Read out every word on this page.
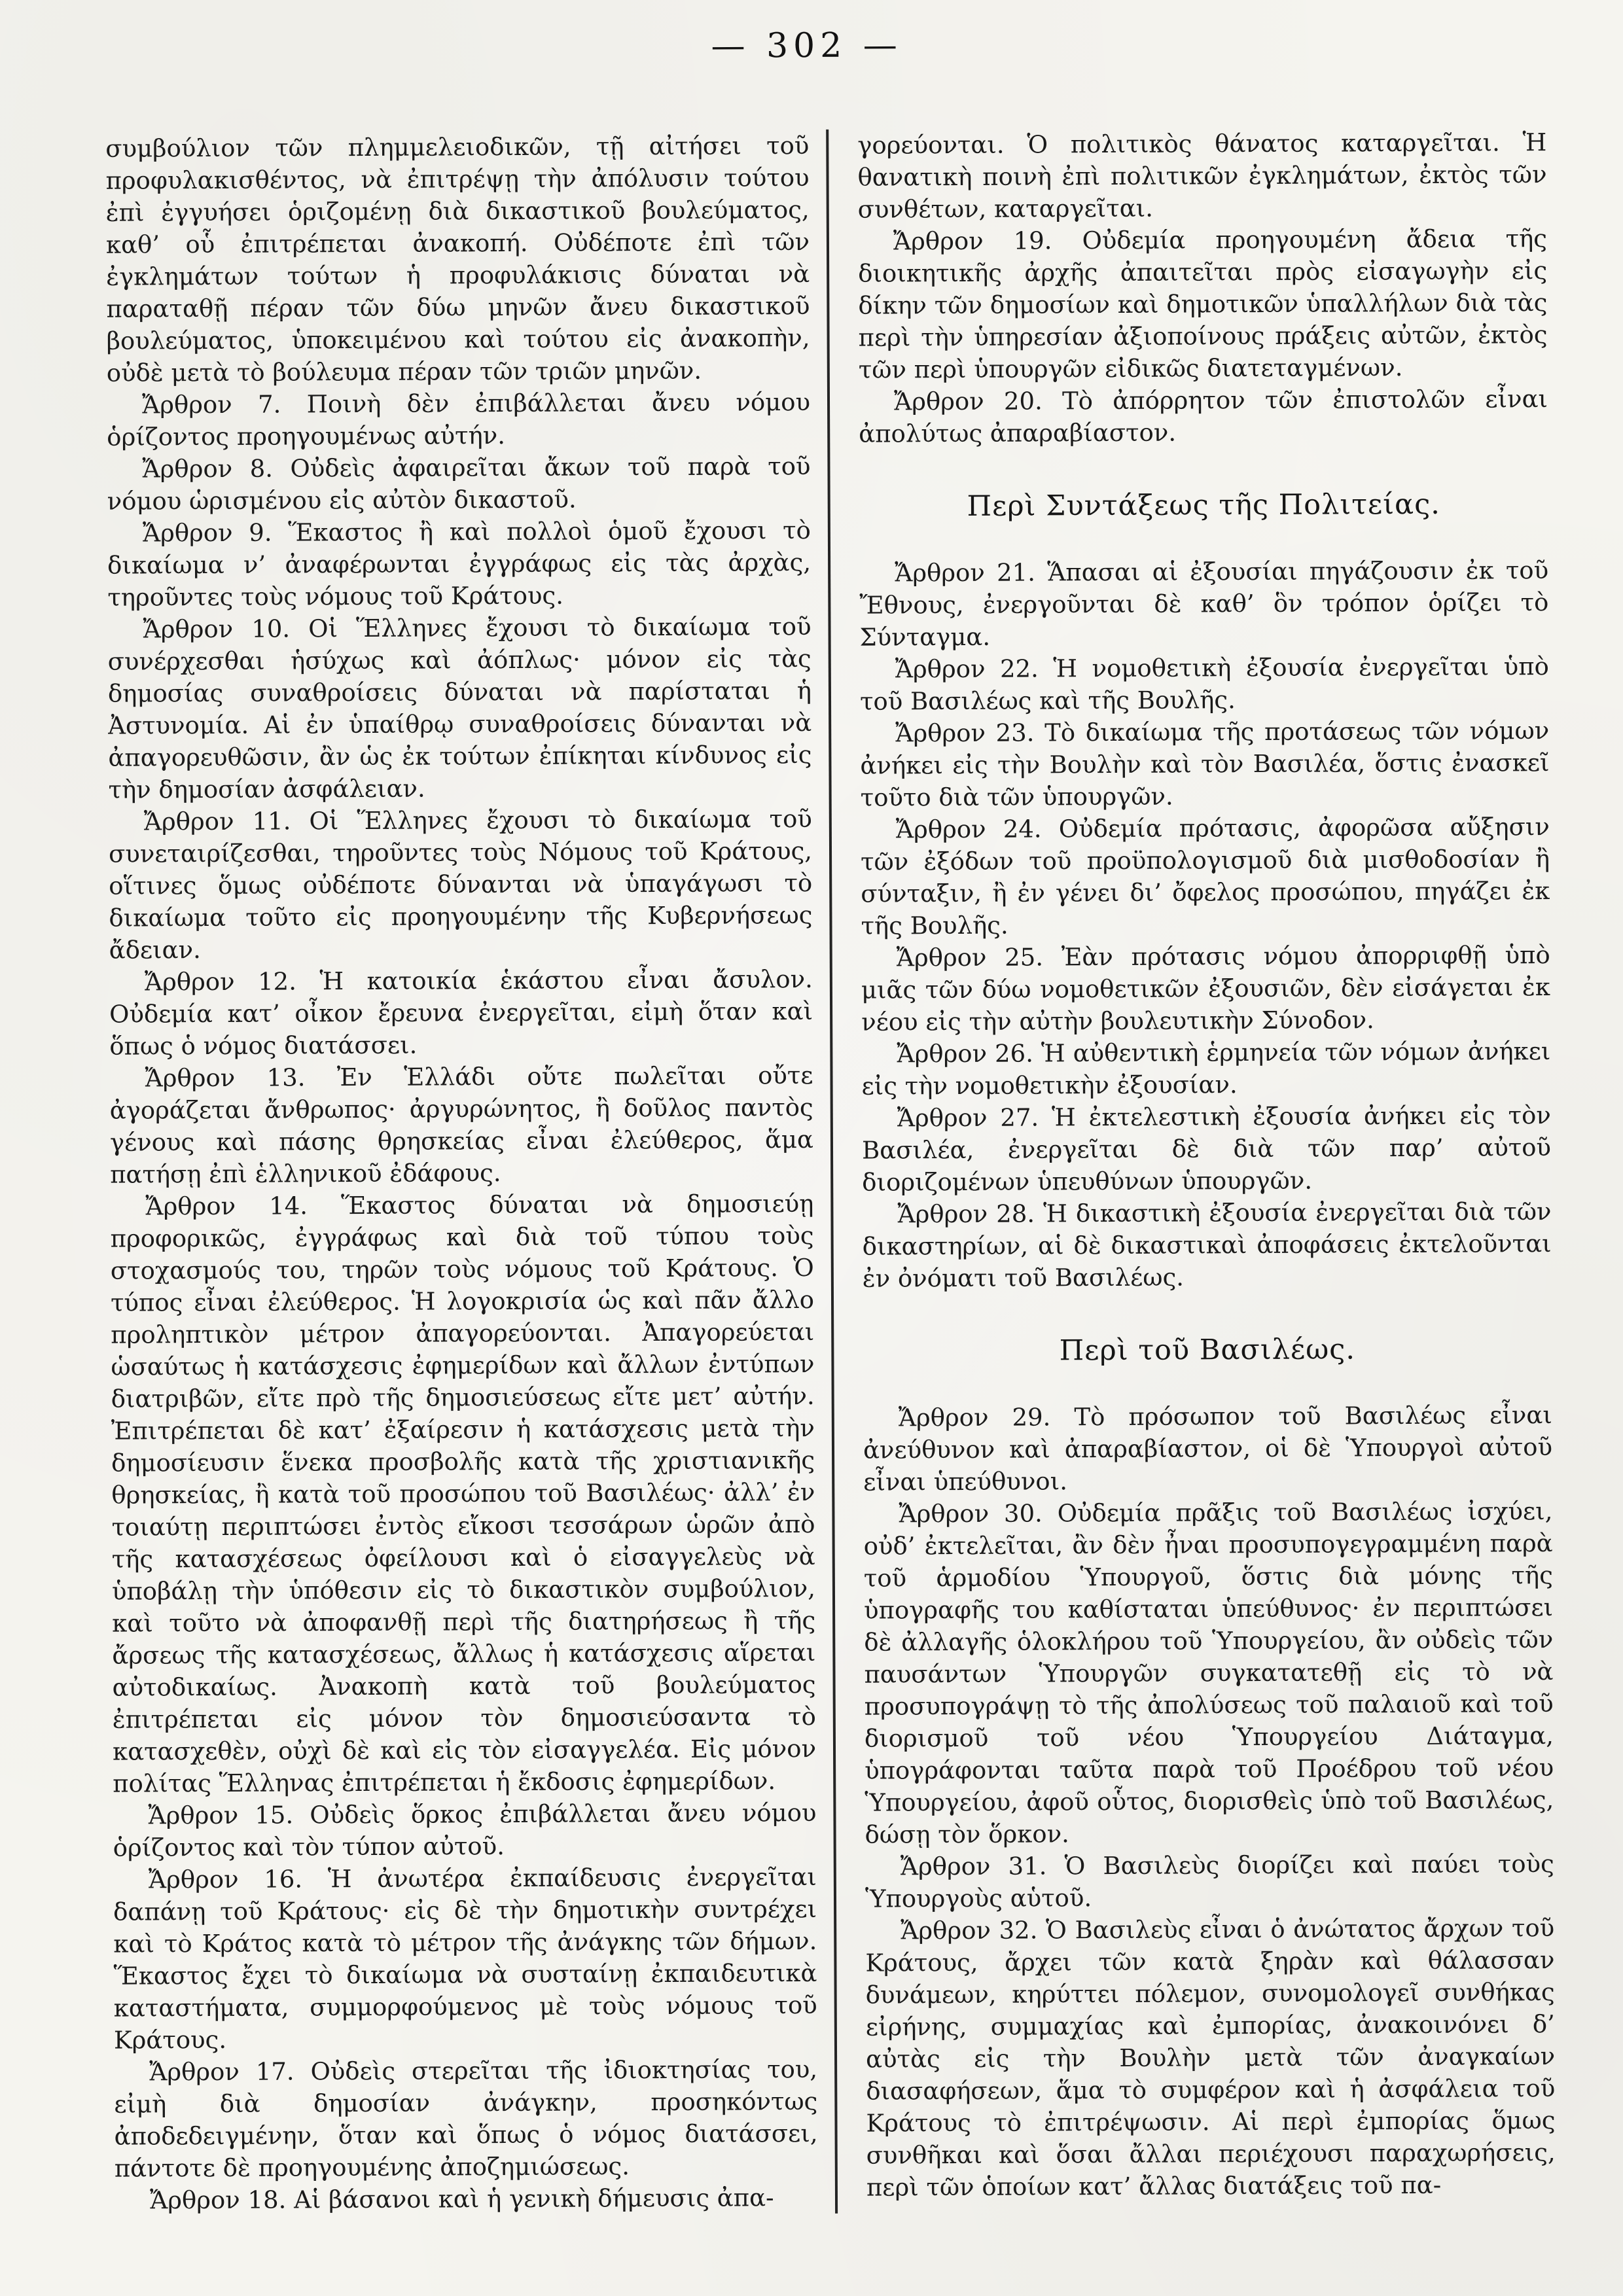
— 302 —

συμβούλιον τῶν πλημμελειοδικῶν, τῇ αἰτήσει τοῦ προφυλακισθέντος, νὰ ἐπιτρέψῃ τὴν ἀπόλυσιν τούτου ἐπὶ ἐγγυήσει ὁριζομένῃ διὰ δικαστικοῦ βουλεύματος, καθ’ οὗ ἐπιτρέπεται ἀνακοπή. Οὐδέποτε ἐπὶ τῶν ἐγκλημάτων τούτων ἡ προφυλάκισις δύναται νὰ παραταθῇ πέραν τῶν δύω μηνῶν ἄνευ δικαστικοῦ βουλεύματος, ὑποκειμένου καὶ τούτου εἰς ἀνακοπὴν, οὐδὲ μετὰ τὸ βούλευμα πέραν τῶν τριῶν μηνῶν.

Ἄρθρον 7. Ποινὴ δὲν ἐπιβάλλεται ἄνευ νόμου ὁρίζοντος προηγουμένως αὐτήν.

Ἄρθρον 8. Οὐδεὶς ἀφαιρεῖται ἄκων τοῦ παρὰ τοῦ νόμου ὡρισμένου εἰς αὐτὸν δικαστοῦ.

Ἄρθρον 9. Ἕκαστος ἢ καὶ πολλοὶ ὁμοῦ ἔχουσι τὸ δικαίωμα ν’ ἀναφέρωνται ἐγγράφως εἰς τὰς ἀρχὰς, τηροῦντες τοὺς νόμους τοῦ Κράτους.

Ἄρθρον 10. Οἱ Ἕλληνες ἔχουσι τὸ δικαίωμα τοῦ συνέρχεσθαι ἡσύχως καὶ ἀόπλως· μόνον εἰς τὰς δημοσίας συναθροίσεις δύναται νὰ παρίσταται ἡ Ἀστυνομία. Αἱ ἐν ὑπαίθρῳ συναθροίσεις δύνανται νὰ ἀπαγορευθῶσιν, ἂν ὡς ἐκ τούτων ἐπίκηται κίνδυνος εἰς τὴν δημοσίαν ἀσφάλειαν.

Ἄρθρον 11. Οἱ Ἕλληνες ἔχουσι τὸ δικαίωμα τοῦ συνεταιρίζεσθαι, τηροῦντες τοὺς Νόμους τοῦ Κράτους, οἵτινες ὅμως οὐδέποτε δύνανται νὰ ὑπαγάγωσι τὸ δικαίωμα τοῦτο εἰς προηγουμένην τῆς Κυβερνήσεως ἄδειαν.

Ἄρθρον 12. Ἡ κατοικία ἑκάστου εἶναι ἄσυλον. Οὐδεμία κατ’ οἶκον ἔρευνα ἐνεργεῖται, εἰμὴ ὅταν καὶ ὅπως ὁ νόμος διατάσσει.

Ἄρθρον 13. Ἐν Ἑλλάδι οὔτε πωλεῖται οὔτε ἀγοράζεται ἄνθρωπος· ἀργυρώνητος, ἢ δοῦλος παντὸς γένους καὶ πάσης θρησκείας εἶναι ἐλεύθερος, ἅμα πατήσῃ ἐπὶ ἑλληνικοῦ ἐδάφους.

Ἄρθρον 14. Ἕκαστος δύναται νὰ δημοσιεύῃ προφορικῶς, ἐγγράφως καὶ διὰ τοῦ τύπου τοὺς στοχασμούς του, τηρῶν τοὺς νόμους τοῦ Κράτους. Ὁ τύπος εἶναι ἐλεύθερος. Ἡ λογοκρισία ὡς καὶ πᾶν ἄλλο προληπτικὸν μέτρον ἀπαγορεύονται. Ἀπαγορεύεται ὡσαύτως ἡ κατάσχεσις ἐφημερίδων καὶ ἄλλων ἐντύπων διατριβῶν, εἴτε πρὸ τῆς δημοσιεύσεως εἴτε μετ’ αὐτήν. Ἐπιτρέπεται δὲ κατ’ ἐξαίρεσιν ἡ κατάσχεσις μετὰ τὴν δημοσίευσιν ἕνεκα προσβολῆς κατὰ τῆς χριστιανικῆς θρησκείας, ἢ κατὰ τοῦ προσώπου τοῦ Βασιλέως· ἀλλ’ ἐν τοιαύτῃ περιπτώσει ἐντὸς εἴκοσι τεσσάρων ὡρῶν ἀπὸ τῆς κατασχέσεως ὀφείλουσι καὶ ὁ εἰσαγγελεὺς νὰ ὑποβάλῃ τὴν ὑπόθεσιν εἰς τὸ δικαστικὸν συμβούλιον, καὶ τοῦτο νὰ ἀποφανθῇ περὶ τῆς διατηρήσεως ἢ τῆς ἄρσεως τῆς κατασχέσεως, ἄλλως ἡ κατάσχεσις αἵρεται αὐτοδικαίως. Ἀνακοπὴ κατὰ τοῦ βουλεύματος ἐπιτρέπεται εἰς μόνον τὸν δημοσιεύσαντα τὸ κατασχεθὲν, οὐχὶ δὲ καὶ εἰς τὸν εἰσαγγελέα. Εἰς μόνον πολίτας Ἕλληνας ἐπιτρέπεται ἡ ἔκδοσις ἐφημερίδων.

Ἄρθρον 15. Οὐδεὶς ὅρκος ἐπιβάλλεται ἄνευ νόμου ὁρίζοντος καὶ τὸν τύπον αὐτοῦ.

Ἄρθρον 16. Ἡ ἀνωτέρα ἐκπαίδευσις ἐνεργεῖται δαπάνῃ τοῦ Κράτους· εἰς δὲ τὴν δημοτικὴν συντρέχει καὶ τὸ Κράτος κατὰ τὸ μέτρον τῆς ἀνάγκης τῶν δήμων. Ἕκαστος ἔχει τὸ δικαίωμα νὰ συσταίνῃ ἐκπαιδευτικὰ καταστήματα, συμμορφούμενος μὲ τοὺς νόμους τοῦ Κράτους.

Ἄρθρον 17. Οὐδεὶς στερεῖται τῆς ἰδιοκτησίας του, εἰμὴ διὰ δημοσίαν ἀνάγκην, προσηκόντως ἀποδεδειγμένην, ὅταν καὶ ὅπως ὁ νόμος διατάσσει, πάντοτε δὲ προηγουμένης ἀποζημιώσεως.

Ἄρθρον 18. Αἱ βάσανοι καὶ ἡ γενικὴ δήμευσις ἀπα-

γορεύονται. Ὁ πολιτικὸς θάνατος καταργεῖται. Ἡ θανατικὴ ποινὴ ἐπὶ πολιτικῶν ἐγκλημάτων, ἐκτὸς τῶν συνθέτων, καταργεῖται.

Ἄρθρον 19. Οὐδεμία προηγουμένη ἄδεια τῆς διοικητικῆς ἀρχῆς ἀπαιτεῖται πρὸς εἰσαγωγὴν εἰς δίκην τῶν δημοσίων καὶ δημοτικῶν ὑπαλλήλων διὰ τὰς περὶ τὴν ὑπηρεσίαν ἀξιοποίνους πράξεις αὐτῶν, ἐκτὸς τῶν περὶ ὑπουργῶν εἰδικῶς διατεταγμένων.

Ἄρθρον 20. Τὸ ἀπόρρητον τῶν ἐπιστολῶν εἶναι ἀπολύτως ἀπαραβίαστον.

Περὶ Συντάξεως τῆς Πολιτείας.

Ἄρθρον 21. Ἅπασαι αἱ ἐξουσίαι πηγάζουσιν ἐκ τοῦ Ἔθνους, ἐνεργοῦνται δὲ καθ’ ὃν τρόπον ὁρίζει τὸ Σύνταγμα.

Ἄρθρον 22. Ἡ νομοθετικὴ ἐξουσία ἐνεργεῖται ὑπὸ τοῦ Βασιλέως καὶ τῆς Βουλῆς.

Ἄρθρον 23. Τὸ δικαίωμα τῆς προτάσεως τῶν νόμων ἀνήκει εἰς τὴν Βουλὴν καὶ τὸν Βασιλέα, ὅστις ἐνασκεῖ τοῦτο διὰ τῶν ὑπουργῶν.

Ἄρθρον 24. Οὐδεμία πρότασις, ἀφορῶσα αὔξησιν τῶν ἐξόδων τοῦ προϋπολογισμοῦ διὰ μισθοδοσίαν ἢ σύνταξιν, ἢ ἐν γένει δι’ ὄφελος προσώπου, πηγάζει ἐκ τῆς Βουλῆς.

Ἄρθρον 25. Ἐὰν πρότασις νόμου ἀπορριφθῇ ὑπὸ μιᾶς τῶν δύω νομοθετικῶν ἐξουσιῶν, δὲν εἰσάγεται ἐκ νέου εἰς τὴν αὐτὴν βουλευτικὴν Σύνοδον.

Ἄρθρον 26. Ἡ αὐθεντικὴ ἑρμηνεία τῶν νόμων ἀνήκει εἰς τὴν νομοθετικὴν ἐξουσίαν.

Ἄρθρον 27. Ἡ ἐκτελεστικὴ ἐξουσία ἀνήκει εἰς τὸν Βασιλέα, ἐνεργεῖται δὲ διὰ τῶν παρ’ αὐτοῦ διοριζομένων ὑπευθύνων ὑπουργῶν.

Ἄρθρον 28. Ἡ δικαστικὴ ἐξουσία ἐνεργεῖται διὰ τῶν δικαστηρίων, αἱ δὲ δικαστικαὶ ἀποφάσεις ἐκτελοῦνται ἐν ὀνόματι τοῦ Βασιλέως.

Περὶ τοῦ Βασιλέως.

Ἄρθρον 29. Τὸ πρόσωπον τοῦ Βασιλέως εἶναι ἀνεύθυνον καὶ ἀπαραβίαστον, οἱ δὲ Ὑπουργοὶ αὐτοῦ εἶναι ὑπεύθυνοι.

Ἄρθρον 30. Οὐδεμία πρᾶξις τοῦ Βασιλέως ἰσχύει, οὐδ’ ἐκτελεῖται, ἂν δὲν ἦναι προσυπογεγραμμένη παρὰ τοῦ ἁρμοδίου Ὑπουργοῦ, ὅστις διὰ μόνης τῆς ὑπογραφῆς του καθίσταται ὑπεύθυνος· ἐν περιπτώσει δὲ ἀλλαγῆς ὁλοκλήρου τοῦ Ὑπουργείου, ἂν οὐδεὶς τῶν παυσάντων Ὑπουργῶν συγκατατεθῇ εἰς τὸ νὰ προσυπογράψῃ τὸ τῆς ἀπολύσεως τοῦ παλαιοῦ καὶ τοῦ διορισμοῦ τοῦ νέου Ὑπουργείου Διάταγμα, ὑπογράφονται ταῦτα παρὰ τοῦ Προέδρου τοῦ νέου Ὑπουργείου, ἀφοῦ οὗτος, διορισθεὶς ὑπὸ τοῦ Βασιλέως, δώσῃ τὸν ὅρκον.

Ἄρθρον 31. Ὁ Βασιλεὺς διορίζει καὶ παύει τοὺς Ὑπουργοὺς αὑτοῦ.

Ἄρθρον 32. Ὁ Βασιλεὺς εἶναι ὁ ἀνώτατος ἄρχων τοῦ Κράτους, ἄρχει τῶν κατὰ ξηρὰν καὶ θάλασσαν δυνάμεων, κηρύττει πόλεμον, συνομολογεῖ συνθήκας εἰρήνης, συμμαχίας καὶ ἐμπορίας, ἀνακοινόνει δ’ αὐτὰς εἰς τὴν Βουλὴν μετὰ τῶν ἀναγκαίων διασαφήσεων, ἅμα τὸ συμφέρον καὶ ἡ ἀσφάλεια τοῦ Κράτους τὸ ἐπιτρέψωσιν. Αἱ περὶ ἐμπορίας ὅμως συνθῆκαι καὶ ὅσαι ἄλλαι περιέχουσι παραχωρήσεις, περὶ τῶν ὁποίων κατ’ ἄλλας διατάξεις τοῦ πα-
